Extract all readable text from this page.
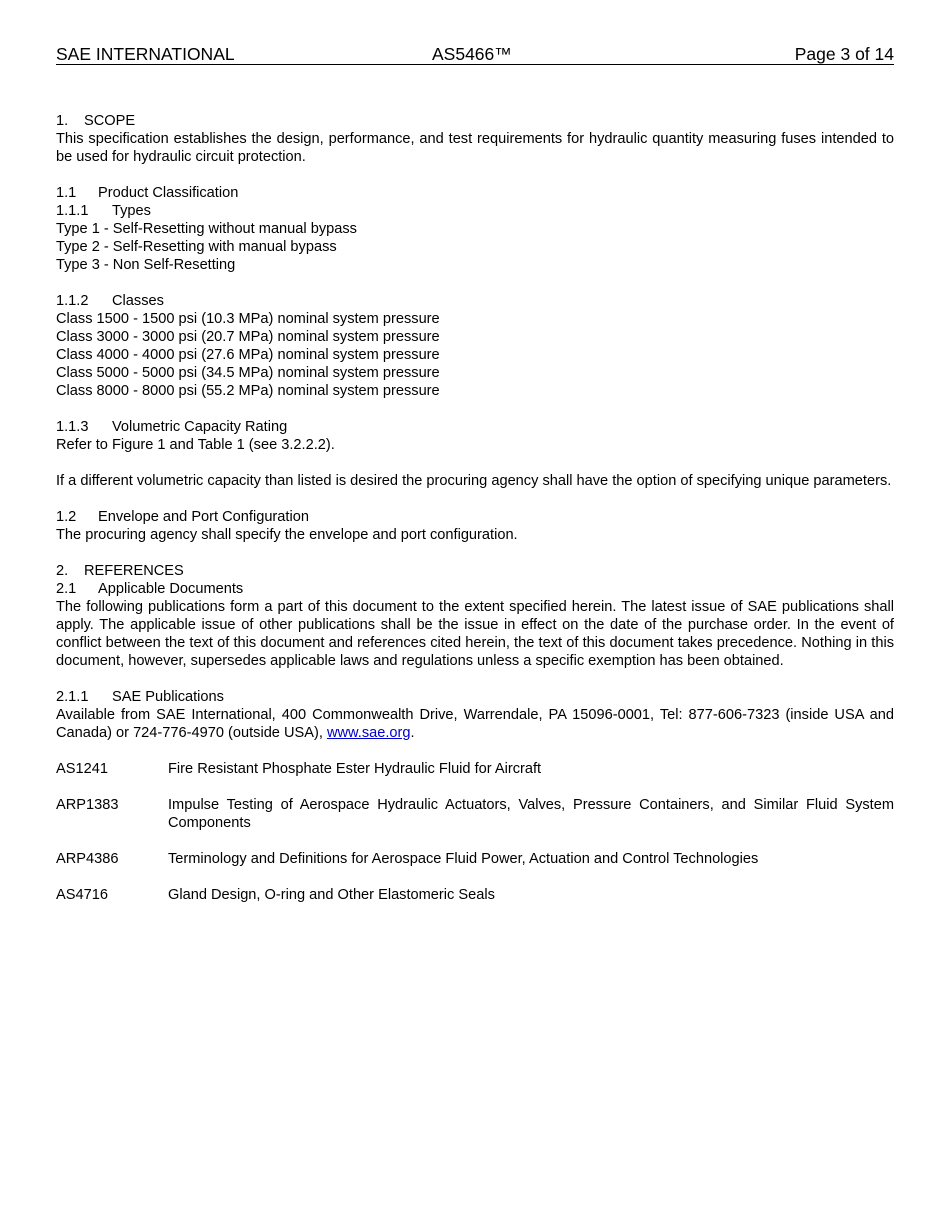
SAE INTERNATIONAL	AS5466™	Page 3 of 14

1. SCOPE

This specification establishes the design, performance, and test requirements for hydraulic quantity measuring fuses intended to be used for hydraulic circuit protection.

1.1 Product Classification

1.1.1 Types

Type 1 - Self-Resetting without manual bypass
Type 2 - Self-Resetting with manual bypass
Type 3 - Non Self-Resetting

1.1.2 Classes

Class 1500 - 1500 psi (10.3 MPa) nominal system pressure
Class 3000 - 3000 psi (20.7 MPa) nominal system pressure
Class 4000 - 4000 psi (27.6 MPa) nominal system pressure
Class 5000 - 5000 psi (34.5 MPa) nominal system pressure
Class 8000 - 8000 psi (55.2 MPa) nominal system pressure

1.1.3 Volumetric Capacity Rating

Refer to Figure 1 and Table 1 (see 3.2.2.2).

If a different volumetric capacity than listed is desired the procuring agency shall have the option of specifying unique parameters.

1.2 Envelope and Port Configuration

The procuring agency shall specify the envelope and port configuration.

2. REFERENCES

2.1 Applicable Documents

The following publications form a part of this document to the extent specified herein. The latest issue of SAE publications shall apply. The applicable issue of other publications shall be the issue in effect on the date of the purchase order. In the event of conflict between the text of this document and references cited herein, the text of this document takes precedence. Nothing in this document, however, supersedes applicable laws and regulations unless a specific exemption has been obtained.

2.1.1 SAE Publications

Available from SAE International, 400 Commonwealth Drive, Warrendale, PA 15096-0001, Tel: 877-606-7323 (inside USA and Canada) or 724-776-4970 (outside USA), www.sae.org.

AS1241	Fire Resistant Phosphate Ester Hydraulic Fluid for Aircraft
ARP1383	Impulse Testing of Aerospace Hydraulic Actuators, Valves, Pressure Containers, and Similar Fluid System Components
ARP4386	Terminology and Definitions for Aerospace Fluid Power, Actuation and Control Technologies
AS4716	Gland Design, O-ring and Other Elastomeric Seals
